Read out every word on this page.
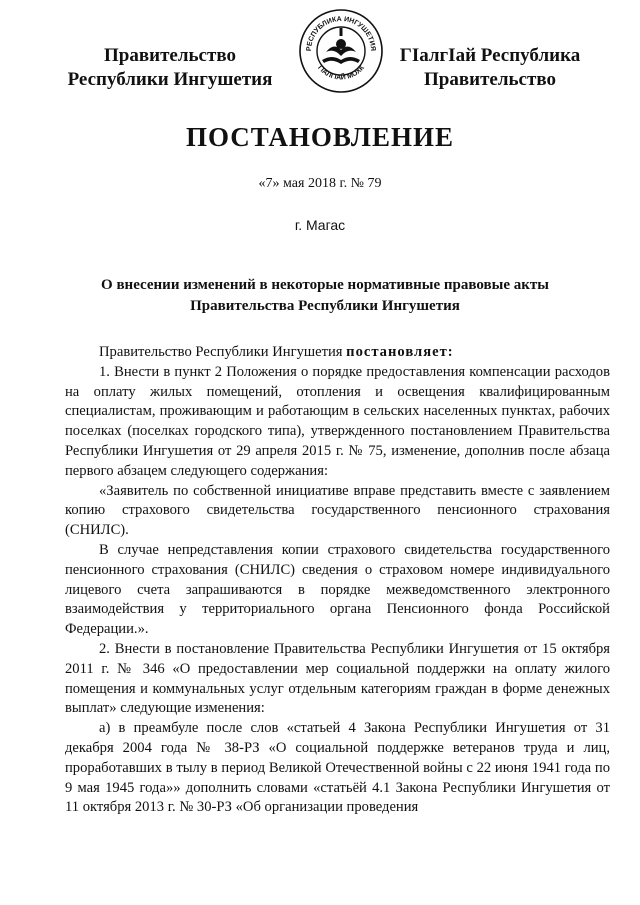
Правительство
Республики Ингушетия
РЕСПУБЛИКА ИНГУШЕТИЯ
ГIАЛГIАЙ МОХК
ГIалгIай Республика
Правительство
ПОСТАНОВЛЕНИЕ
«7» мая 2018 г. № 79
г. Магас
О внесении изменений в некоторые нормативные правовые акты
Правительства Республики Ингушетия

Правительство Республики Ингушетия постановляет:

1. Внести в пункт 2 Положения о порядке предоставления компенсации расходов на оплату жилых помещений, отопления и освещения квалифицированным специалистам, проживающим и работающим в сельских населенных пунктах, рабочих поселках (поселках городского типа), утвержденного постановлением Правительства Республики Ингушетия от 29 апреля 2015 г. № 75, изменение, дополнив после абзаца первого абзацем следующего содержания:

«Заявитель по собственной инициативе вправе представить вместе с заявлением копию страхового свидетельства государственного пенсионного страхования (СНИЛС).

В случае непредставления копии страхового свидетельства государственного пенсионного страхования (СНИЛС) сведения о страховом номере индивидуального лицевого счета запрашиваются в порядке межведомственного электронного взаимодействия у территориального органа Пенсионного фонда Российской Федерации.».

2. Внести в постановление Правительства Республики Ингушетия от 15 октября 2011 г. № 346 «О предоставлении мер социальной поддержки на оплату жилого помещения и коммунальных услуг отдельным категориям граждан в форме денежных выплат» следующие изменения:

а) в преамбуле после слов «статьей 4 Закона Республики Ингушетия от 31 декабря 2004 года № 38-РЗ «О социальной поддержке ветеранов труда и лиц, проработавших в тылу в период Великой Отечественной войны с 22 июня 1941 года по 9 мая 1945 года»» дополнить словами «статьёй 4.1 Закона Республики Ингушетия от 11 октября 2013 г. № 30-РЗ «Об организации проведения
